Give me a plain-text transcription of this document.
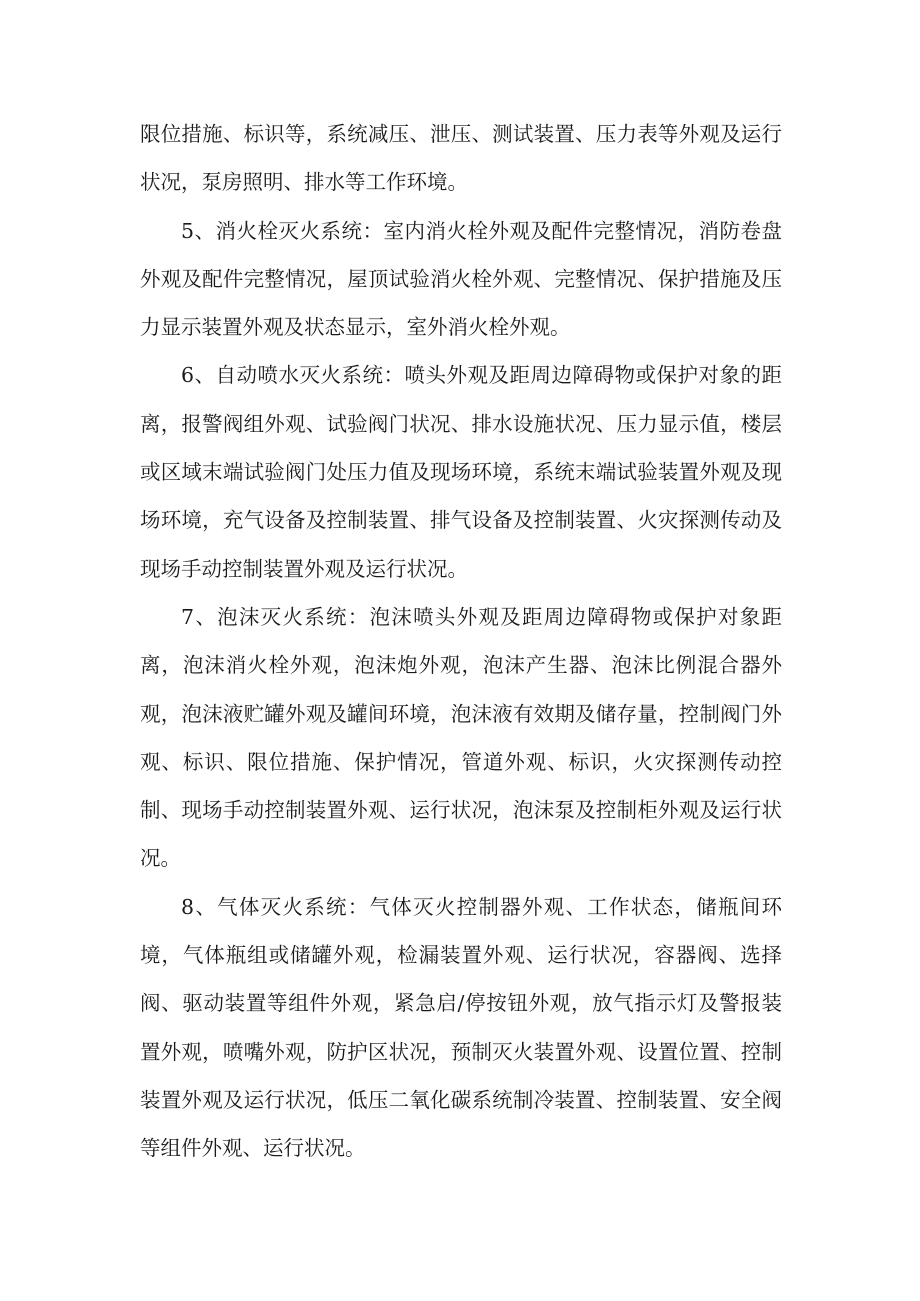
限位措施、标识等，系统减压、泄压、测试装置、压力表等外观及运行状况，泵房照明、排水等工作环境。

5、消火栓灭火系统：室内消火栓外观及配件完整情况，消防卷盘外观及配件完整情况，屋顶试验消火栓外观、完整情况、保护措施及压力显示装置外观及状态显示，室外消火栓外观。

6、自动喷水灭火系统：喷头外观及距周边障碍物或保护对象的距离，报警阀组外观、试验阀门状况、排水设施状况、压力显示值，楼层或区域末端试验阀门处压力值及现场环境，系统末端试验装置外观及现场环境，充气设备及控制装置、排气设备及控制装置、火灾探测传动及现场手动控制装置外观及运行状况。

7、泡沫灭火系统：泡沫喷头外观及距周边障碍物或保护对象距离，泡沫消火栓外观，泡沫炮外观，泡沫产生器、泡沫比例混合器外观，泡沫液贮罐外观及罐间环境，泡沫液有效期及储存量，控制阀门外观、标识、限位措施、保护情况，管道外观、标识，火灾探测传动控制、现场手动控制装置外观、运行状况，泡沫泵及控制柜外观及运行状况。

8、气体灭火系统：气体灭火控制器外观、工作状态，储瓶间环境，气体瓶组或储罐外观，检漏装置外观、运行状况，容器阀、选择阀、驱动装置等组件外观，紧急启/停按钮外观，放气指示灯及警报装置外观，喷嘴外观，防护区状况，预制灭火装置外观、设置位置、控制装置外观及运行状况，低压二氧化碳系统制冷装置、控制装置、安全阀等组件外观、运行状况。
